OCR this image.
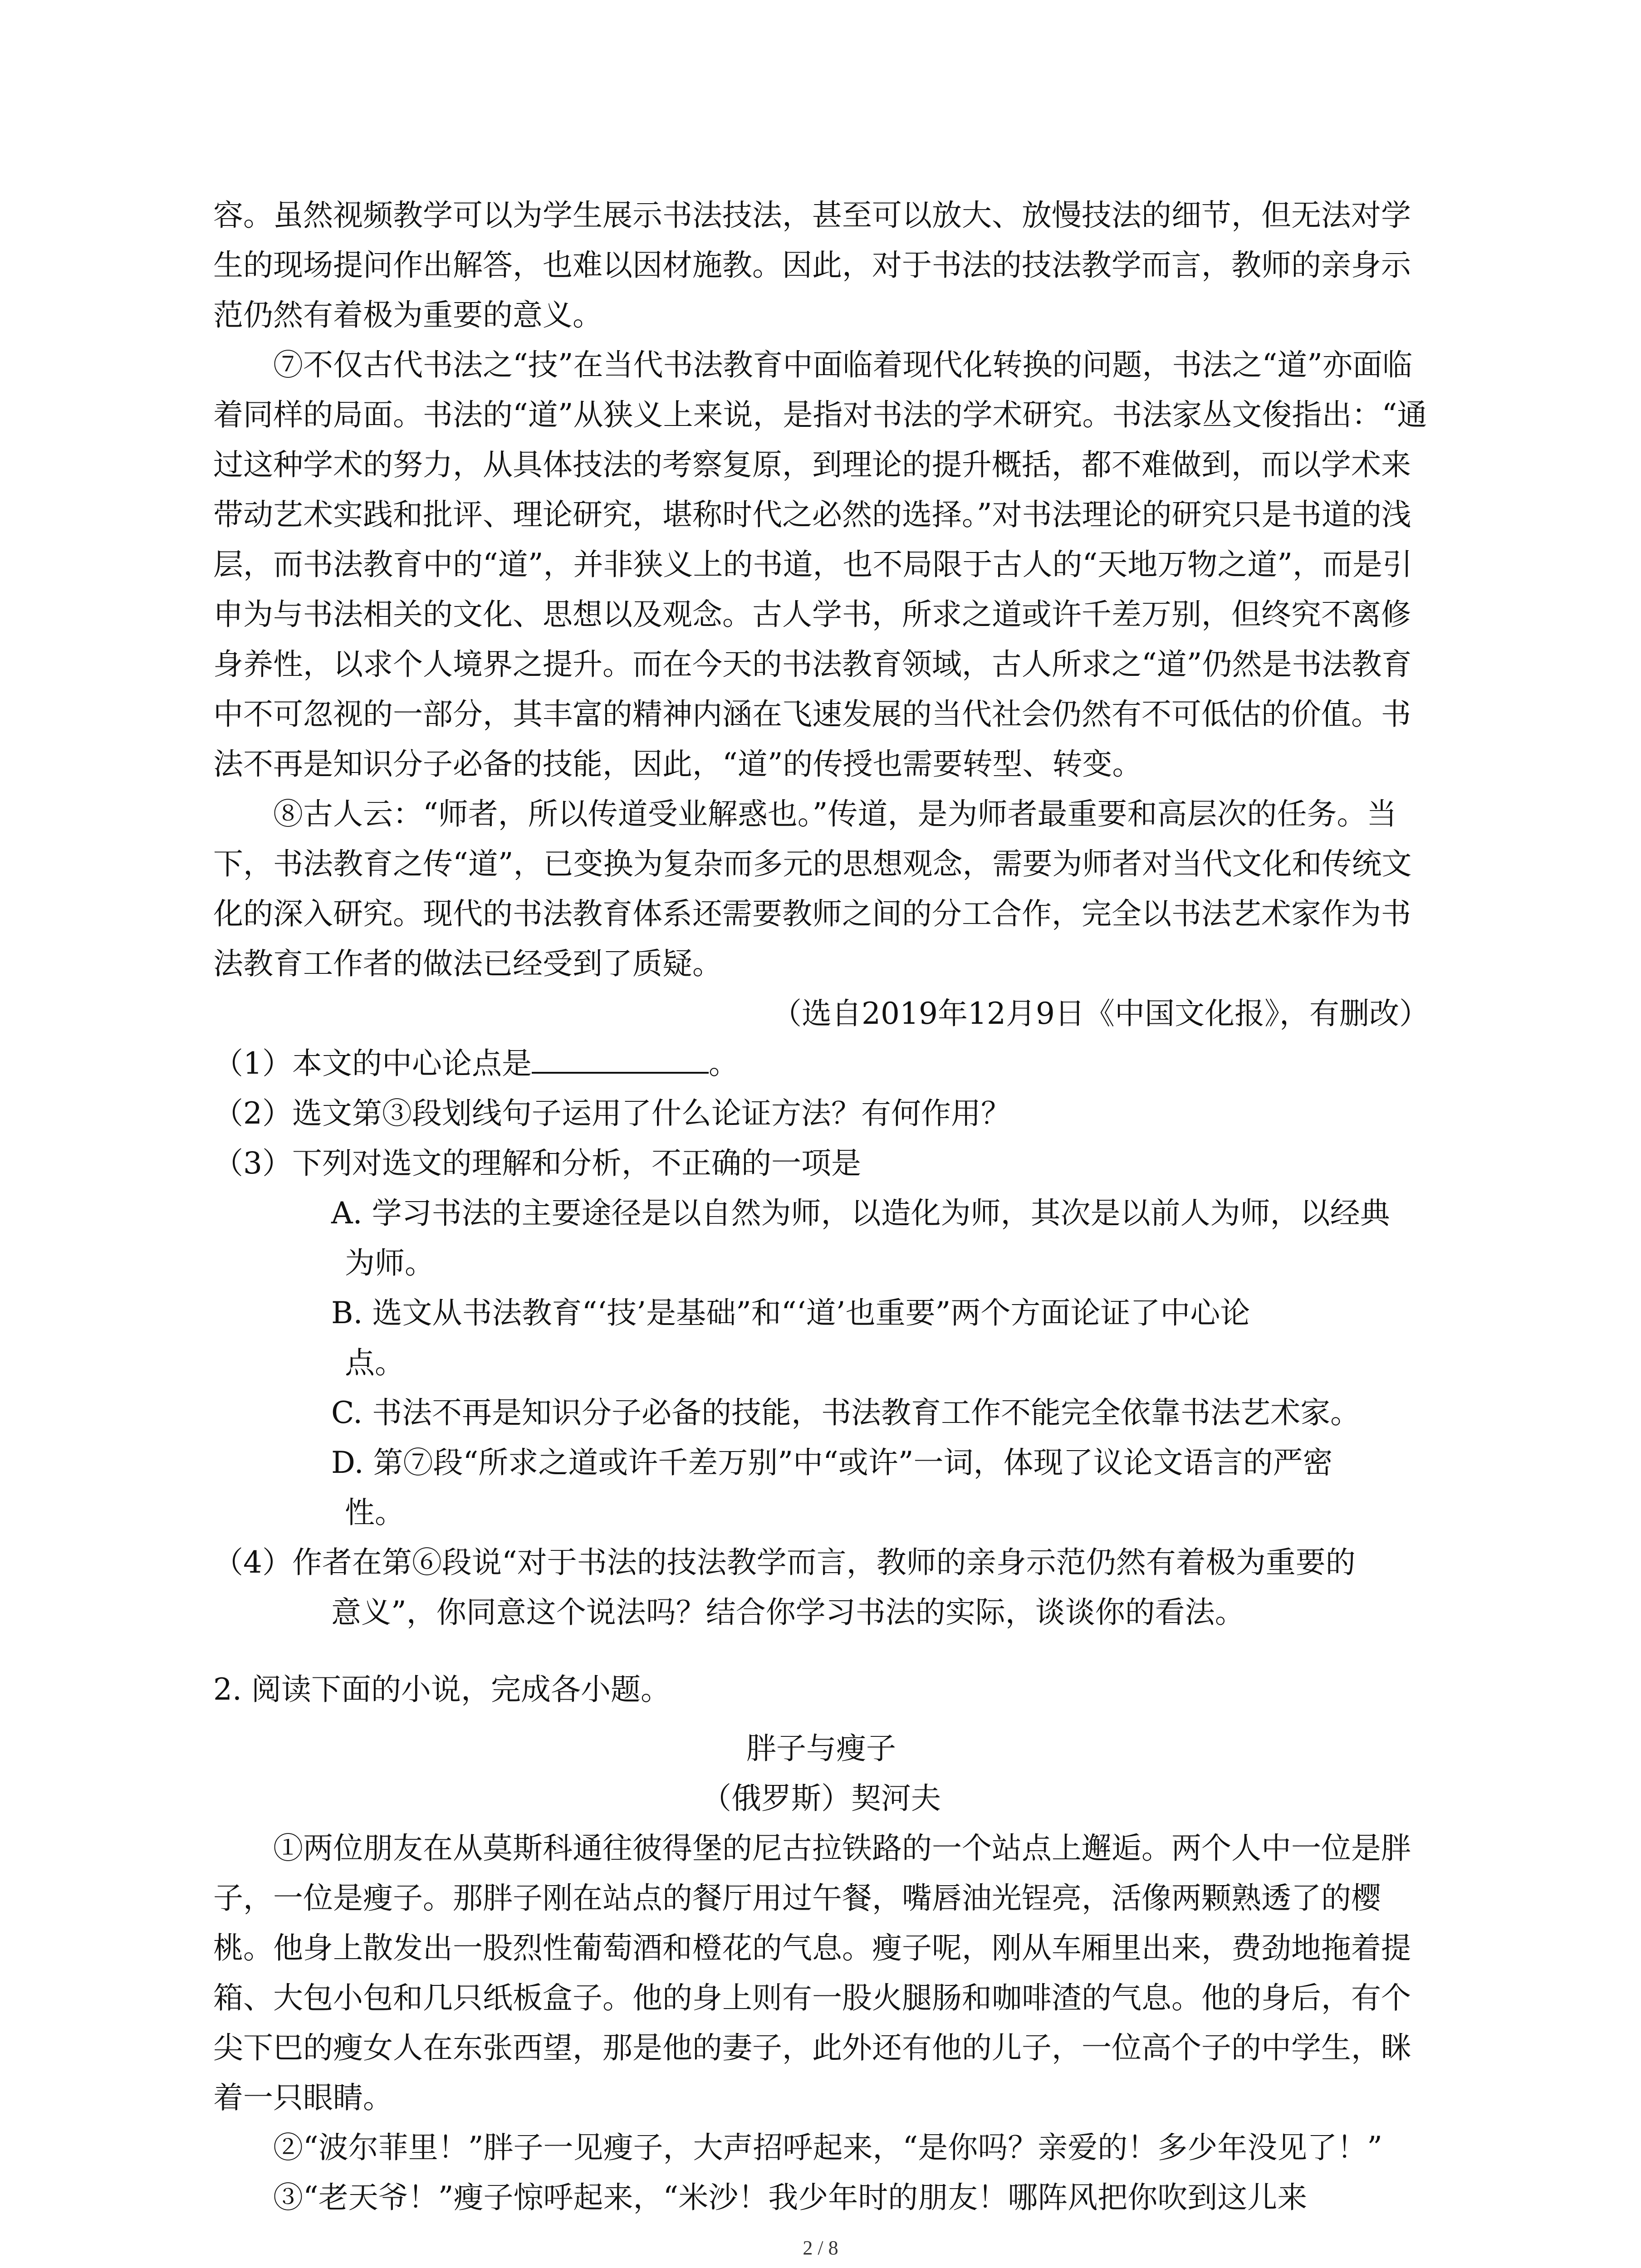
容。虽然视频教学可以为学生展示书法技法，甚至可以放大、放慢技法的细节，但无法对学生的现场提问作出解答，也难以因材施教。因此，对于书法的技法教学而言，教师的亲身示范仍然有着极为重要的意义。

⑦不仅古代书法之“技”在当代书法教育中面临着现代化转换的问题，书法之“道”亦面临着同样的局面。书法的“道”从狭义上来说，是指对书法的学术研究。书法家丛文俊指出：“通过这种学术的努力，从具体技法的考察复原，到理论的提升概括，都不难做到，而以学术来带动艺术实践和批评、理论研究，堪称时代之必然的选择。”对书法理论的研究只是书道的浅层，而书法教育中的“道”，并非狭义上的书道，也不局限于古人的“天地万物之道”，而是引申为与书法相关的文化、思想以及观念。古人学书，所求之道或许千差万别，但终究不离修身养性，以求个人境界之提升。而在今天的书法教育领域，古人所求之“道”仍然是书法教育中不可忽视的一部分，其丰富的精神内涵在飞速发展的当代社会仍然有不可低估的价值。书法不再是知识分子必备的技能，因此，“道”的传授也需要转型、转变。

⑧古人云：“师者，所以传道受业解惑也。”传道，是为师者最重要和高层次的任务。当下，书法教育之传“道”，已变换为复杂而多元的思想观念，需要为师者对当代文化和传统文化的深入研究。现代的书法教育体系还需要教师之间的分工合作，完全以书法艺术家作为书法教育工作者的做法已经受到了质疑。

（选自2019年12月9日《中国文化报》，有删改）

（1）本文的中心论点是	。
（2）选文第③段划线句子运用了什么论证方法？有何作用？
（3）下列对选文的理解和分析，不正确的一项是
A. 学习书法的主要途径是以自然为师，以造化为师，其次是以前人为师，以经典
为师。
B. 选文从书法教育“‘技’是基础”和“‘道’也重要”两个方面论证了中心论
点。
C. 书法不再是知识分子必备的技能，书法教育工作不能完全依靠书法艺术家。
D. 第⑦段“所求之道或许千差万别”中“或许”一词，体现了议论文语言的严密
性。
（4）作者在第⑥段说“对于书法的技法教学而言，教师的亲身示范仍然有着极为重要的
意义”，你同意这个说法吗？结合你学习书法的实际，谈谈你的看法。

2. 阅读下面的小说，完成各小题。

胖子与瘦子

（俄罗斯）契河夫

①两位朋友在从莫斯科通往彼得堡的尼古拉铁路的一个站点上邂逅。两个人中一位是胖子，一位是瘦子。那胖子刚在站点的餐厅用过午餐，嘴唇油光锃亮，活像两颗熟透了的樱桃。他身上散发出一股烈性葡萄酒和橙花的气息。瘦子呢，刚从车厢里出来，费劲地拖着提箱、大包小包和几只纸板盒子。他的身上则有一股火腿肠和咖啡渣的气息。他的身后，有个尖下巴的瘦女人在东张西望，那是他的妻子，此外还有他的儿子，一位高个子的中学生，眯着一只眼睛。

②“波尔菲里！”胖子一见瘦子，大声招呼起来，“是你吗？亲爱的！多少年没见了！”

③“老天爷！”瘦子惊呼起来，“米沙！我少年时的朋友！哪阵风把你吹到这儿来

2 / 8
